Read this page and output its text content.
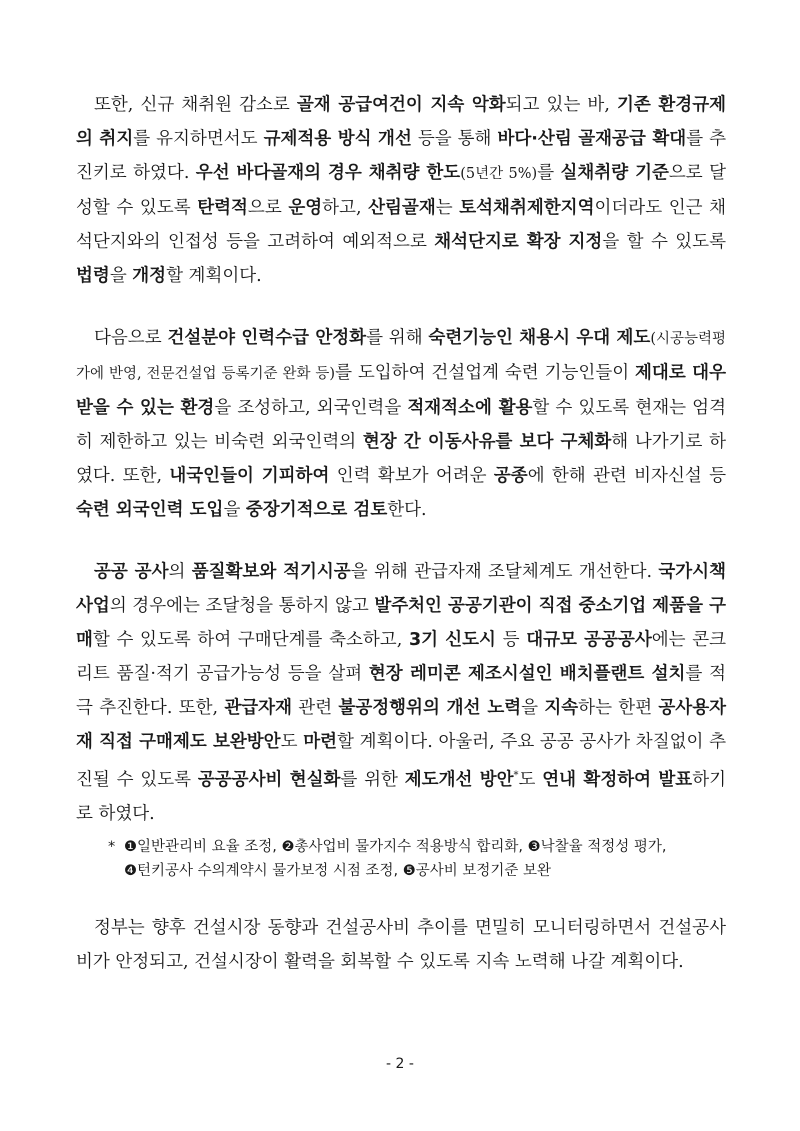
또한, 신규 채취원 감소로 골재 공급여건이 지속 악화되고 있는 바, 기존 환경규제의 취지를 유지하면서도 규제적용 방식 개선 등을 통해 바다·산림 골재공급 확대를 추진키로 하였다. 우선 바다골재의 경우 채취량 한도(5년간 5%)를 실채취량 기준으로 달성할 수 있도록 탄력적으로 운영하고, 산림골재는 토석채취제한지역이더라도 인근 채석단지와의 인접성 등을 고려하여 예외적으로 채석단지로 확장 지정을 할 수 있도록 법령을 개정할 계획이다.

다음으로 건설분야 인력수급 안정화를 위해 숙련기능인 채용시 우대 제도(시공능력평가에 반영, 전문건설업 등록기준 완화 등)를 도입하여 건설업계 숙련 기능인들이 제대로 대우받을 수 있는 환경을 조성하고, 외국인력을 적재적소에 활용할 수 있도록 현재는 엄격히 제한하고 있는 비숙련 외국인력의 현장 간 이동사유를 보다 구체화해 나가기로 하였다. 또한, 내국인들이 기피하여 인력 확보가 어려운 공종에 한해 관련 비자신설 등 숙련 외국인력 도입을 중장기적으로 검토한다.

공공 공사의 품질확보와 적기시공을 위해 관급자재 조달체계도 개선한다. 국가시책사업의 경우에는 조달청을 통하지 않고 발주처인 공공기관이 직접 중소기업 제품을 구매할 수 있도록 하여 구매단계를 축소하고, 3기 신도시 등 대규모 공공공사에는 콘크리트 품질·적기 공급가능성 등을 살펴 현장 레미콘 제조시설인 배치플랜트 설치를 적극 추진한다. 또한, 관급자재 관련 불공정행위의 개선 노력을 지속하는 한편 공사용자재 직접 구매제도 보완방안도 마련할 계획이다. 아울러, 주요 공공 공사가 차질없이 추진될 수 있도록 공공공사비 현실화를 위한 제도개선 방안*도 연내 확정하여 발표하기로 하였다.

* ❶일반관리비 요율 조정, ❷총사업비 물가지수 적용방식 합리화, ❸낙찰율 적정성 평가,
❹턴키공사 수의계약시 물가보정 시점 조정, ❺공사비 보정기준 보완

정부는 향후 건설시장 동향과 건설공사비 추이를 면밀히 모니터링하면서 건설공사비가 안정되고, 건설시장이 활력을 회복할 수 있도록 지속 노력해 나갈 계획이다.

- 2 -
